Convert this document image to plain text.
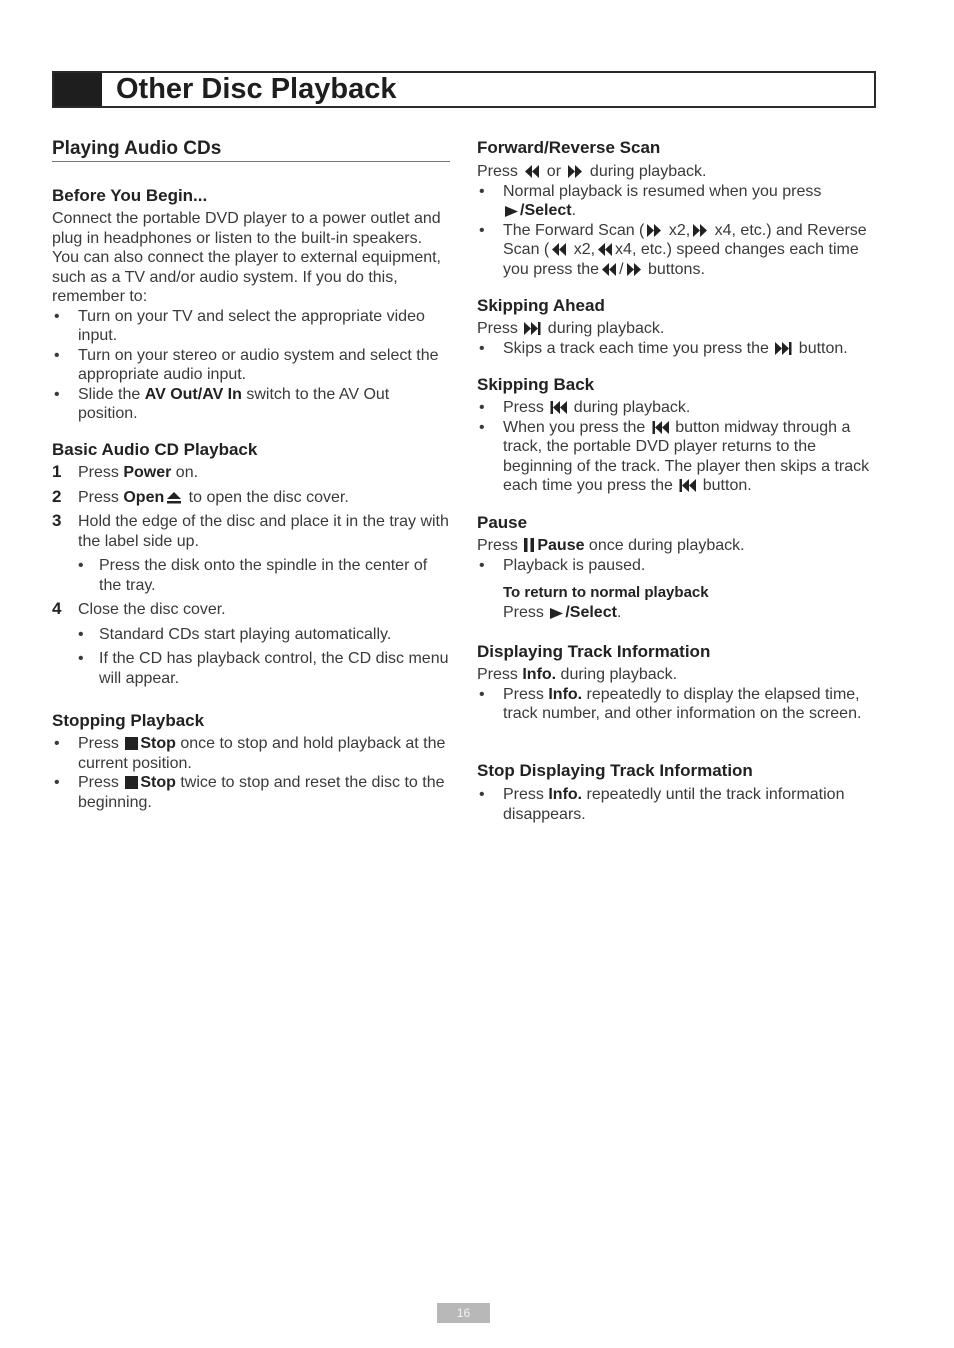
Other Disc Playback
Playing Audio CDs
Before You Begin...

Connect the portable DVD player to a power outlet and plug in headphones or listen to the built-in speakers. You can also connect the player to external equipment, such as a TV and/or audio system. If you do this, remember to:

• Turn on your TV and select the appropriate video input.

• Turn on your stereo or audio system and select the appropriate audio input.

• Slide the AV Out/AV In switch to the AV Out position.

Basic Audio CD Playback

1 Press Power on.

2 Press Open
to open the disc cover.

3 Hold the edge of the disc and place it in the tray with the label side up.

• Press the disk onto the spindle in the center of the tray.

4 Close the disc cover.

• Standard CDs start playing automatically.

• If the CD has playback control, the CD disc menu will appear.

Stopping Playback

• Press
Stop once to stop and hold playback at the current position.

• Press
Stop twice to stop and reset the disc to the beginning.

Forward/Reverse Scan

Press
or
during playback.

• Normal playback is resumed when you press

/Select.

• The Forward Scan (
x2,
x4, etc.) and Reverse Scan (
x2, x4, etc.) speed changes each time you press the /
buttons.

Skipping Ahead

Press
during playback.

• Skips a track each time you press the
button.

Skipping Back

• Press
during playback.

• When you press the
button midway through a track, the portable DVD player returns to the beginning of the track. The player then skips a track each time you press the
button.

Pause

Press
Pause once during playback.

• Playback is paused.

To return to normal playback

Press
/Select.

Displaying Track Information

Press Info. during playback.

• Press Info. repeatedly to display the elapsed time, track number, and other information on the screen.

Stop Displaying Track Information

• Press Info. repeatedly until the track information disappears.

16
